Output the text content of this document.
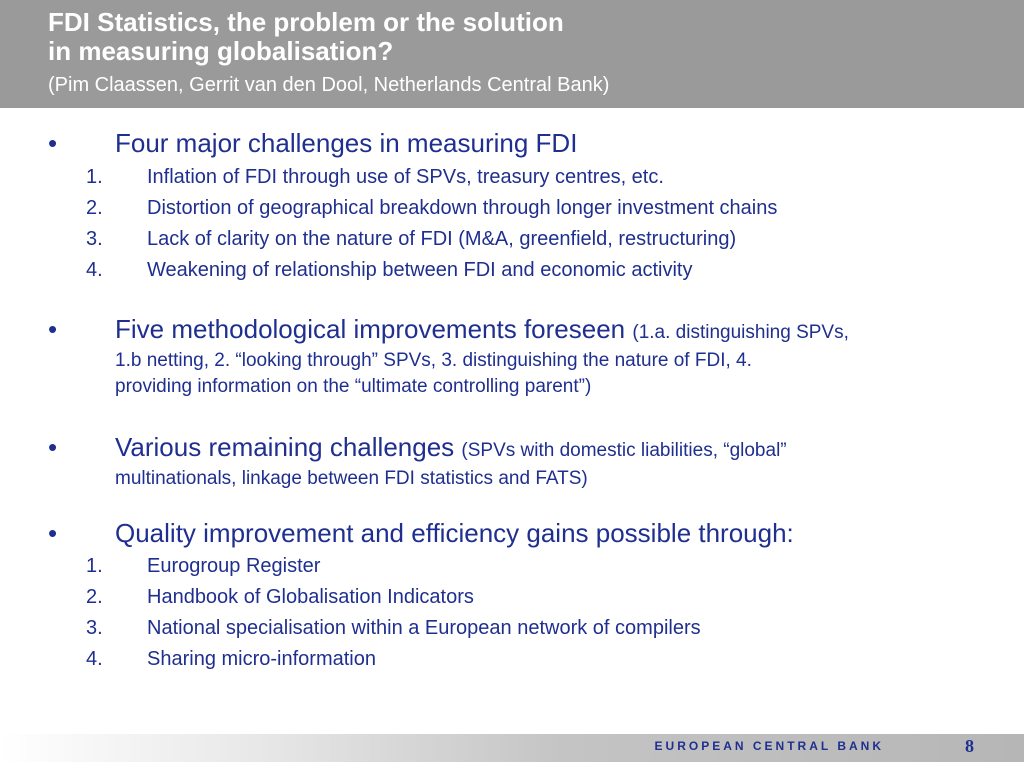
FDI Statistics, the problem or the solution
in measuring globalisation?
(Pim Claassen, Gerrit van den Dool, Netherlands Central Bank)
• Four major challenges in measuring FDI
1. Inflation of FDI through use of SPVs, treasury centres, etc.
2. Distortion of geographical breakdown through longer investment chains
3. Lack of clarity on the nature of FDI (M&A, greenfield, restructuring)
4. Weakening of relationship between FDI and economic activity
• Five methodological improvements foreseen (1.a. distinguishing SPVs,
1.b netting, 2. “looking through” SPVs, 3. distinguishing the nature of FDI, 4.
providing information on the “ultimate controlling parent”)
• Various remaining challenges (SPVs with domestic liabilities, “global”
multinationals, linkage between FDI statistics and FATS)
• Quality improvement and efficiency gains possible through:
1. Eurogroup Register
2. Handbook of Globalisation Indicators
3. National specialisation within a European network of compilers
4. Sharing micro-information
EUROPEAN CENTRAL BANK	8
